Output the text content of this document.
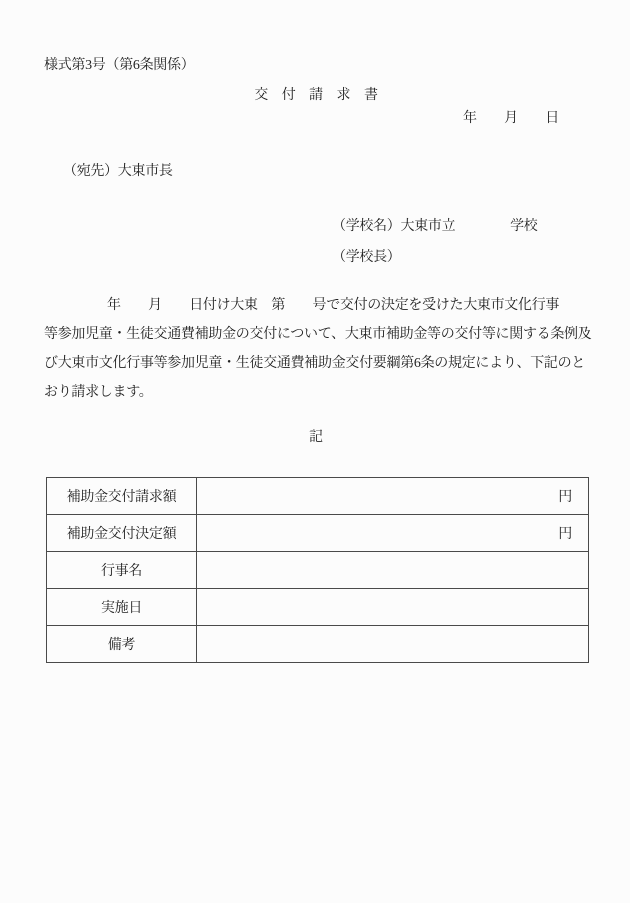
様式第3号（第6条関係）
交　付　請　求　書
年　　月　　日
（宛先）大東市長
（学校名）大東市立　　　　学校
（学校長）
年　　月　　日付け大東　第　　号で交付の決定を受けた大東市文化行事
等参加児童・生徒交通費補助金の交付について、大東市補助金等の交付等に関する条例及
び大東市文化行事等参加児童・生徒交通費補助金交付要綱第6条の規定により、下記のと
おり請求します。
記
補助金交付請求額	円
補助金交付決定額	円
行事名	
実施日	
備考	
